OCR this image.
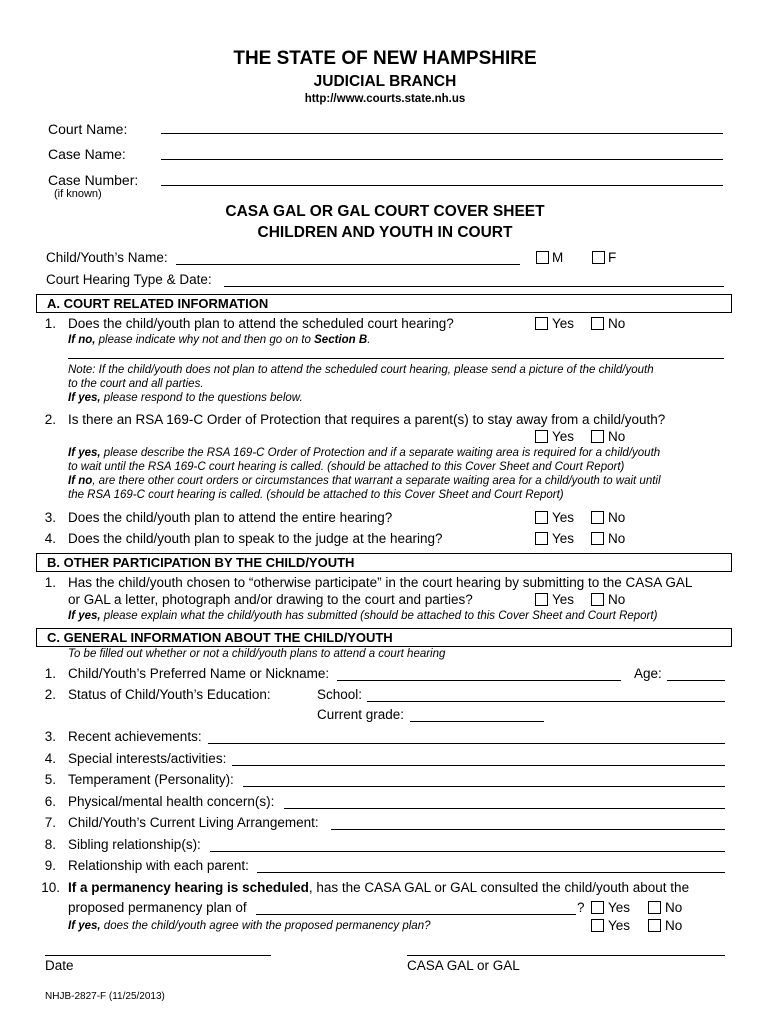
THE STATE OF NEW HAMPSHIRE
JUDICIAL BRANCH
http://www.courts.state.nh.us
Court Name:
Case Name:
Case Number:
(if known)
CASA GAL OR GAL COURT COVER SHEET
CHILDREN AND YOUTH IN COURT
Child/Youth’s Name:	M	F
Court Hearing Type & Date:
A. COURT RELATED INFORMATION
1. Does the child/youth plan to attend the scheduled court hearing?	Yes	No
If no, please indicate why not and then go on to Section B.
Note: If the child/youth does not plan to attend the scheduled court hearing, please send a picture of the child/youth
to the court and all parties.
If yes, please respond to the questions below.
2. Is there an RSA 169-C Order of Protection that requires a parent(s) to stay away from a child/youth?
Yes	No
If yes, please describe the RSA 169-C Order of Protection and if a separate waiting area is required for a child/youth
to wait until the RSA 169-C court hearing is called. (should be attached to this Cover Sheet and Court Report)
If no, are there other court orders or circumstances that warrant a separate waiting area for a child/youth to wait until
the RSA 169-C court hearing is called. (should be attached to this Cover Sheet and Court Report)
3. Does the child/youth plan to attend the entire hearing?	Yes	No
4. Does the child/youth plan to speak to the judge at the hearing?	Yes	No
B. OTHER PARTICIPATION BY THE CHILD/YOUTH
1. Has the child/youth chosen to “otherwise participate” in the court hearing by submitting to the CASA GAL
or GAL a letter, photograph and/or drawing to the court and parties?	Yes	No
If yes, please explain what the child/youth has submitted (should be attached to this Cover Sheet and Court Report)
C. GENERAL INFORMATION ABOUT THE CHILD/YOUTH
To be filled out whether or not a child/youth plans to attend a court hearing
1. Child/Youth’s Preferred Name or Nickname:	Age:
2. Status of Child/Youth’s Education:	School:
Current grade:
3. Recent achievements:
4. Special interests/activities:
5. Temperament (Personality):
6. Physical/mental health concern(s):
7. Child/Youth’s Current Living Arrangement:
8. Sibling relationship(s):
9. Relationship with each parent:
10. If a permanency hearing is scheduled, has the CASA GAL or GAL consulted the child/youth about the
proposed permanency plan of	? Yes	No
If yes, does the child/youth agree with the proposed permanency plan?	Yes	No
Date	CASA GAL or GAL
NHJB-2827-F (11/25/2013)
